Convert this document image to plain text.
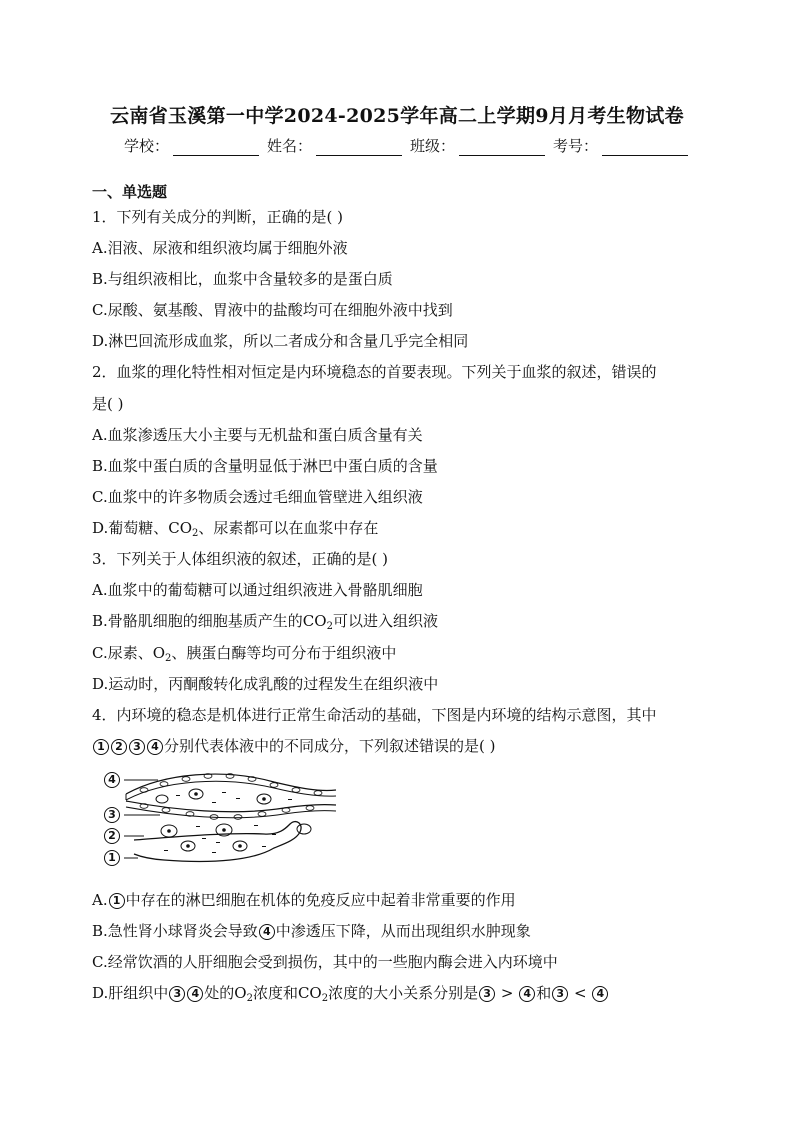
云南省玉溪第一中学2024-2025学年高二上学期9月月考生物试卷
学校：	姓名：	班级：	考号：
一、单选题
1．下列有关成分的判断，正确的是( )
A.泪液、尿液和组织液均属于细胞外液
B.与组织液相比，血浆中含量较多的是蛋白质
C.尿酸、氨基酸、胃液中的盐酸均可在细胞外液中找到
D.淋巴回流形成血浆，所以二者成分和含量几乎完全相同
2．血浆的理化特性相对恒定是内环境稳态的首要表现。下列关于血浆的叙述，错误的
是( )
A.血浆渗透压大小主要与无机盐和蛋白质含量有关
B.血浆中蛋白质的含量明显低于淋巴中蛋白质的含量
C.血浆中的许多物质会透过毛细血管壁进入组织液
D.葡萄糖、$CO_2$、尿素都可以在血浆中存在
3．下列关于人体组织液的叙述，正确的是( )
A.血浆中的葡萄糖可以通过组织液进入骨骼肌细胞
B.骨骼肌细胞的细胞基质产生的$CO_2$可以进入组织液
C.尿素、$O_2$、胰蛋白酶等均可分布于组织液中
D.运动时，丙酮酸转化成乳酸的过程发生在组织液中
4．内环境的稳态是机体进行正常生命活动的基础，下图是内环境的结构示意图，其中
1 2 3 4 分别代表体液中的不同成分，下列叙述错误的是( )
4
3
2
1
A. 1 中存在的淋巴细胞在机体的免疫反应中起着非常重要的作用
B.急性肾小球肾炎会导致 4 中渗透压下降，从而出现组织水肿现象
C.经常饮酒的人肝细胞会受到损伤，其中的一些胞内酶会进入内环境中
D.肝组织中 3 4 处的$O_2$浓度和$CO_2$浓度的大小关系分别是 3 > 4 和 3 < 4
